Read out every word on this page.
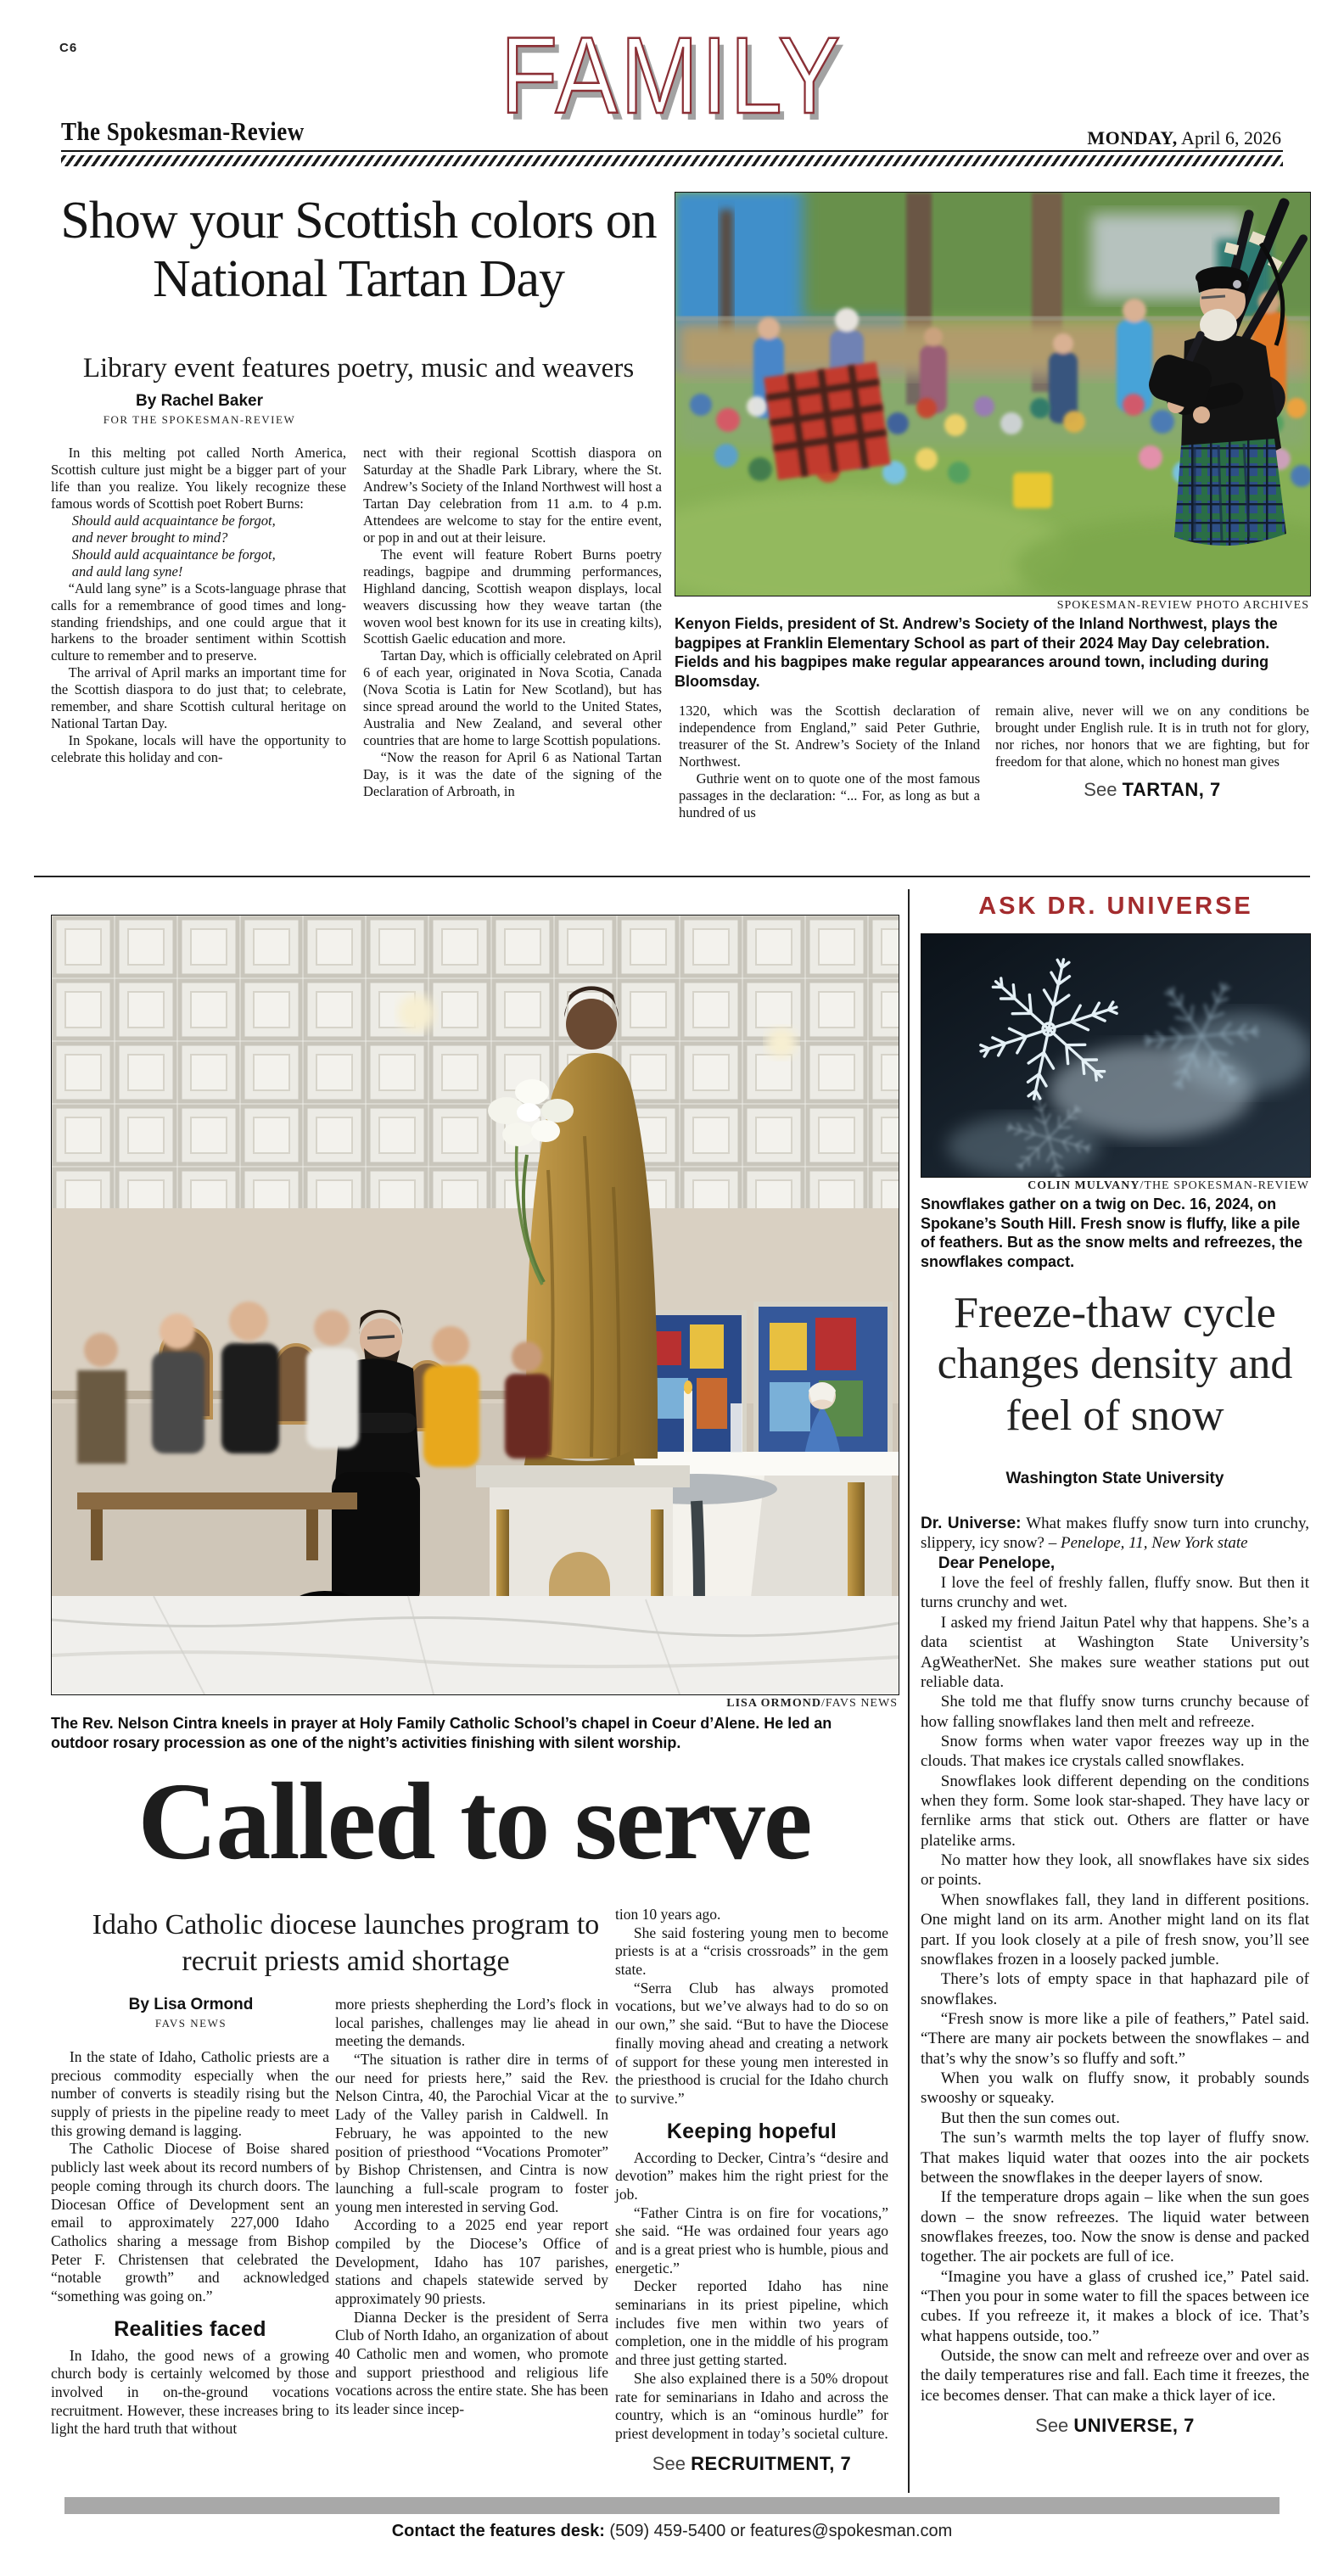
C6	FAMILY
The Spokesman-Review	MONDAY, April 6, 2026
Show your Scottish colors on National Tartan Day
Library event features poetry, music and weavers
By Rachel Baker
FOR THE SPOKESMAN-REVIEW

In this melting pot called North America, Scottish culture just might be a bigger part of your life than you realize. You likely recognize these famous words of Scottish poet Robert Burns:

Should auld acquaintance be forgot,

and never brought to mind?

Should auld acquaintance be forgot,

and auld lang syne!

“Auld lang syne” is a Scots-language phrase that calls for a remembrance of good times and long-standing friendships, and one could argue that it harkens to the broader sentiment within Scottish culture to remember and to preserve.

The arrival of April marks an important time for the Scottish diaspora to do just that; to celebrate, remember, and share Scottish cultural heritage on National Tartan Day.

In Spokane, locals will have the opportunity to celebrate this holiday and con-

nect with their regional Scottish diaspora on Saturday at the Shadle Park Library, where the St. Andrew’s Society of the Inland Northwest will host a Tartan Day celebration from 11 a.m. to 4 p.m. Attendees are welcome to stay for the entire event, or pop in and out at their leisure.

The event will feature Robert Burns poetry readings, bagpipe and drumming performances, Highland dancing, Scottish weapon displays, local weavers discussing how they weave tartan (the woven wool best known for its use in creating kilts), Scottish Gaelic education and more.

Tartan Day, which is officially celebrated on April 6 of each year, originated in Nova Scotia, Canada (Nova Scotia is Latin for New Scotland), but has since spread around the world to the United States, Australia and New Zealand, and several other countries that are home to large Scottish populations.

“Now the reason for April 6 as National Tartan Day, is it was the date of the signing of the Declaration of Arbroath, in

SPOKESMAN-REVIEW PHOTO ARCHIVES
Kenyon Fields, president of St. Andrew’s Society of the Inland Northwest, plays the bagpipes at Franklin Elementary School as part of their 2024 May Day celebration. Fields and his bagpipes make regular appearances around town, including during Bloomsday.

1320, which was the Scottish declaration of independence from England,” said Peter Guthrie, treasurer of the St. Andrew’s Society of the Inland Northwest.

Guthrie went on to quote one of the most famous passages in the declaration: “... For, as long as but a hundred of us

remain alive, never will we on any conditions be brought under English rule. It is in truth not for glory, nor riches, nor honors that we are fighting, but for freedom for that alone, which no honest man gives

See TARTAN, 7

LISA ORMOND/FAVS NEWS
The Rev. Nelson Cintra kneels in prayer at Holy Family Catholic School’s chapel in Coeur d’Alene. He led an outdoor rosary procession as one of the night’s activities finishing with silent worship.
Called to serve
Idaho Catholic diocese launches program to recruit priests amid shortage
By Lisa Ormond
FAVS NEWS

In the state of Idaho, Catholic priests are a precious commodity especially when the number of converts is steadily rising but the supply of priests in the pipeline ready to meet this growing demand is lagging.

The Catholic Diocese of Boise shared publicly last week about its record numbers of people coming through its church doors. The Diocesan Office of Development sent an email to approximately 227,000 Idaho Catholics sharing a message from Bishop Peter F. Christensen that celebrated the “notable growth” and acknowledged “something was going on.”

Realities faced

In Idaho, the good news of a growing church body is certainly welcomed by those involved in on-the-ground vocations recruitment. However, these increases bring to light the hard truth that without

more priests shepherding the Lord’s flock in local parishes, challenges may lie ahead in meeting the demands.

“The situation is rather dire in terms of our need for priests here,” said the Rev. Nelson Cintra, 40, the Parochial Vicar at the Lady of the Valley parish in Caldwell. In February, he was appointed to the new position of priesthood “Vocations Promoter” by Bishop Christensen, and Cintra is now launching a full-scale program to foster young men interested in serving God.

According to a 2025 end year report compiled by the Diocese’s Office of Development, Idaho has 107 parishes, stations and chapels statewide served by approximately 90 priests.

Dianna Decker is the president of Serra Club of North Idaho, an organization of about 40 Catholic men and women, who promote and support priesthood and religious life vocations across the entire state. She has been its leader since incep-

tion 10 years ago.

She said fostering young men to become priests is at a “crisis crossroads” in the gem state.

“Serra Club has always promoted vocations, but we’ve always had to do so on our own,” she said. “But to have the Diocese finally moving ahead and creating a network of support for these young men interested in the priesthood is crucial for the Idaho church to survive.”

Keeping hopeful

According to Decker, Cintra’s “desire and devotion” makes him the right priest for the job.

“Father Cintra is on fire for vocations,” she said. “He was ordained four years ago and is a great priest who is humble, pious and energetic.”

Decker reported Idaho has nine seminarians in its priest pipeline, which includes five men within two years of completion, one in the middle of his program and three just getting started.

She also explained there is a 50% dropout rate for seminarians in Idaho and across the country, which is an “ominous hurdle” for priest development in today’s societal culture.

See RECRUITMENT, 7

ASK DR. UNIVERSE
COLIN MULVANY/THE SPOKESMAN-REVIEW
Snowflakes gather on a twig on Dec. 16, 2024, on Spokane’s South Hill. Fresh snow is fluffy, like a pile of feathers. But as the snow melts and refreezes, the snowflakes compact.
Freeze-thaw cycle changes density and feel of snow
Washington State University

Dr. Universe: What makes fluffy snow turn into crunchy, slippery, icy snow? – Penelope, 11, New York state

Dear Penelope,

I love the feel of freshly fallen, fluffy snow. But then it turns crunchy and wet.

I asked my friend Jaitun Patel why that happens. She’s a data scientist at Washington State University’s AgWeatherNet. She makes sure weather stations put out reliable data.

She told me that fluffy snow turns crunchy because of how falling snowflakes land then melt and refreeze.

Snow forms when water vapor freezes way up in the clouds. That makes ice crystals called snowflakes.

Snowflakes look different depending on the conditions when they form. Some look star-shaped. They have lacy or fernlike arms that stick out. Others are flatter or have platelike arms.

No matter how they look, all snowflakes have six sides or points.

When snowflakes fall, they land in different positions. One might land on its arm. Another might land on its flat part. If you look closely at a pile of fresh snow, you’ll see snowflakes frozen in a loosely packed jumble.

There’s lots of empty space in that haphazard pile of snowflakes.

“Fresh snow is more like a pile of feathers,” Patel said. “There are many air pockets between the snowflakes – and that’s why the snow’s so fluffy and soft.”

When you walk on fluffy snow, it probably sounds swooshy or squeaky.

But then the sun comes out.

The sun’s warmth melts the top layer of fluffy snow. That makes liquid water that oozes into the air pockets between the snowflakes in the deeper layers of snow.

If the temperature drops again – like when the sun goes down – the snow refreezes. The liquid water between snowflakes freezes, too. Now the snow is dense and packed together. The air pockets are full of ice.

“Imagine you have a glass of crushed ice,” Patel said. “Then you pour in some water to fill the spaces between ice cubes. If you refreeze it, it makes a block of ice. That’s what happens outside, too.”

Outside, the snow can melt and refreeze over and over as the daily temperatures rise and fall. Each time it freezes, the ice becomes denser. That can make a thick layer of ice.

See UNIVERSE, 7

Contact the features desk: (509) 459-5400 or features@spokesman.com
